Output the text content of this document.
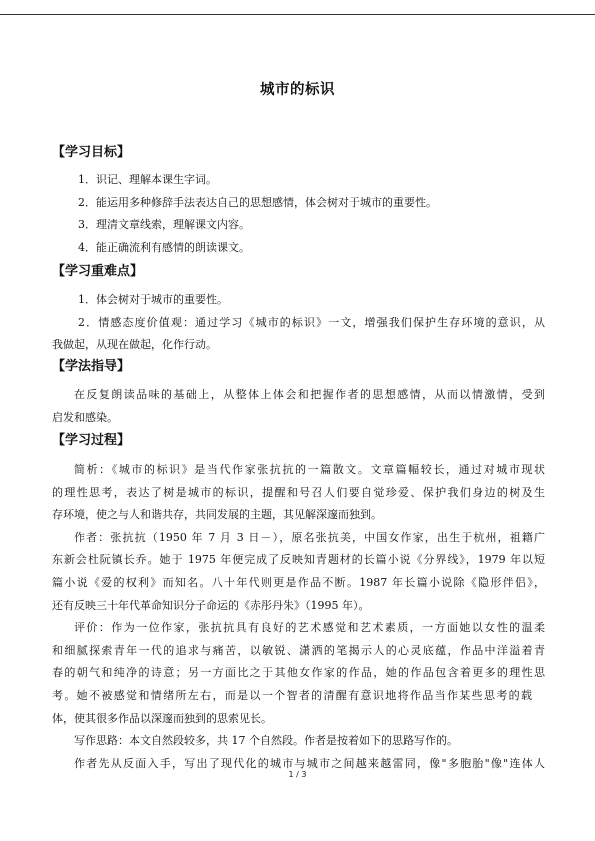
城市的标识
【学习目标】
1．识记、理解本课生字词。
2．能运用多种修辞手法表达自己的思想感情，体会树对于城市的重要性。
3．理清文章线索，理解课文内容。
4．能正确流利有感情的朗读课文。
【学习重难点】
1．体会树对于城市的重要性。
2．情感态度价值观：通过学习《城市的标识》一文，增强我们保护生存环境的意识，从
我做起，从现在做起，化作行动。
【学法指导】
在反复朗读品味的基础上，从整体上体会和把握作者的思想感情，从而以情激情，受到
启发和感染。
【学习过程】
简析：《城市的标识》是当代作家张抗抗的一篇散文。文章篇幅较长，通过对城市现状
的理性思考，表达了树是城市的标识，提醒和号召人们要自觉珍爱、保护我们身边的树及生
存环境，使之与人和谐共存，共同发展的主题，其见解深邃而独到。
作者：张抗抗（1950 年 7 月 3 日－），原名张抗美，中国女作家，出生于杭州，祖籍广
东新会杜阮镇长乔。她于 1975 年便完成了反映知青题材的长篇小说《分界线》，1979 年以短
篇小说《爱的权利》而知名。八十年代则更是作品不断。1987 年长篇小说除《隐形伴侣》，
还有反映三十年代革命知识分子命运的《赤彤丹朱》（1995 年）。
评价：作为一位作家，张抗抗具有良好的艺术感觉和艺术素质，一方面她以女性的温柔
和细腻探索青年一代的追求与痛苦，以敏锐、潇洒的笔揭示人的心灵底蕴，作品中洋溢着青
春的朝气和纯净的诗意；另一方面比之于其他女作家的作品，她的作品包含着更多的理性思
考。她不被感觉和情绪所左右，而是以一个智者的清醒有意识地将作品当作某些思考的载
体，使其很多作品以深邃而独到的思索见长。
写作思路：本文自然段较多，共 17 个自然段。作者是按着如下的思路写作的。
作者先从反面入手，写出了现代化的城市与城市之间越来越雷同，像"多胞胎"像"连体人
1 / 3
